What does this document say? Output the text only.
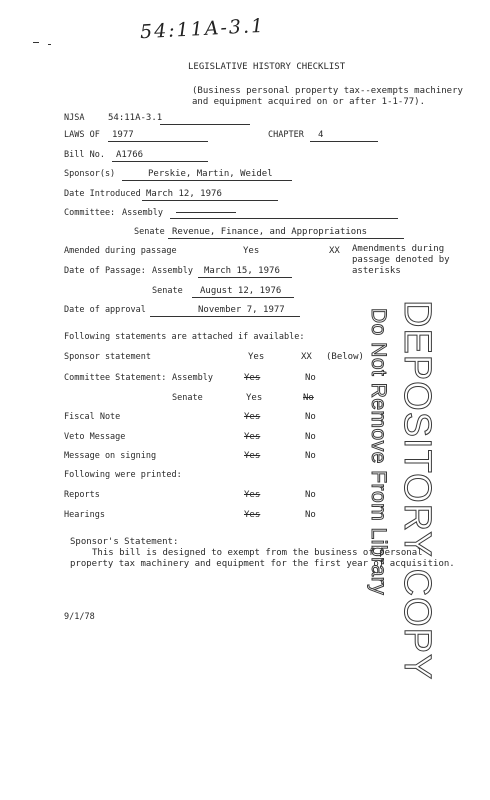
54:11A-3.1
LEGISLATIVE HISTORY CHECKLIST
(Business personal property tax--exempts machinery
and equipment acquired on or after 1-1-77).
NJSA	54:11A-3.1
LAWS OF 1977	CHAPTER 4
Bill No. A1766
Sponsor(s)	Perskie, Martin, Weidel
Date Introduced March 12, 1976
Committee: Assembly
Senate Revenue, Finance, and Appropriations
Amended during passage	Yes	XX Amendments during
passage denoted by
asterisks
Date of Passage: Assembly March 15, 1976
Senate August 12, 1976
Date of approval	November 7, 1977
Following statements are attached if available:
Sponsor statement	Yes	XX (Below)
Committee Statement: Assembly	Yes	No
Senate	Yes	No
Fiscal Note	Yes	No
Veto Message	Yes	No
Message on signing	Yes	No
Following were printed:
Reports	Yes	No
Hearings	Yes	No DEPOSITORY COPY
Do Not Remove From Library
Sponsor's Statement:
This bill is designed to exempt from the business of personal
property tax machinery and equipment for the first year of acquisition.
9/1/78
